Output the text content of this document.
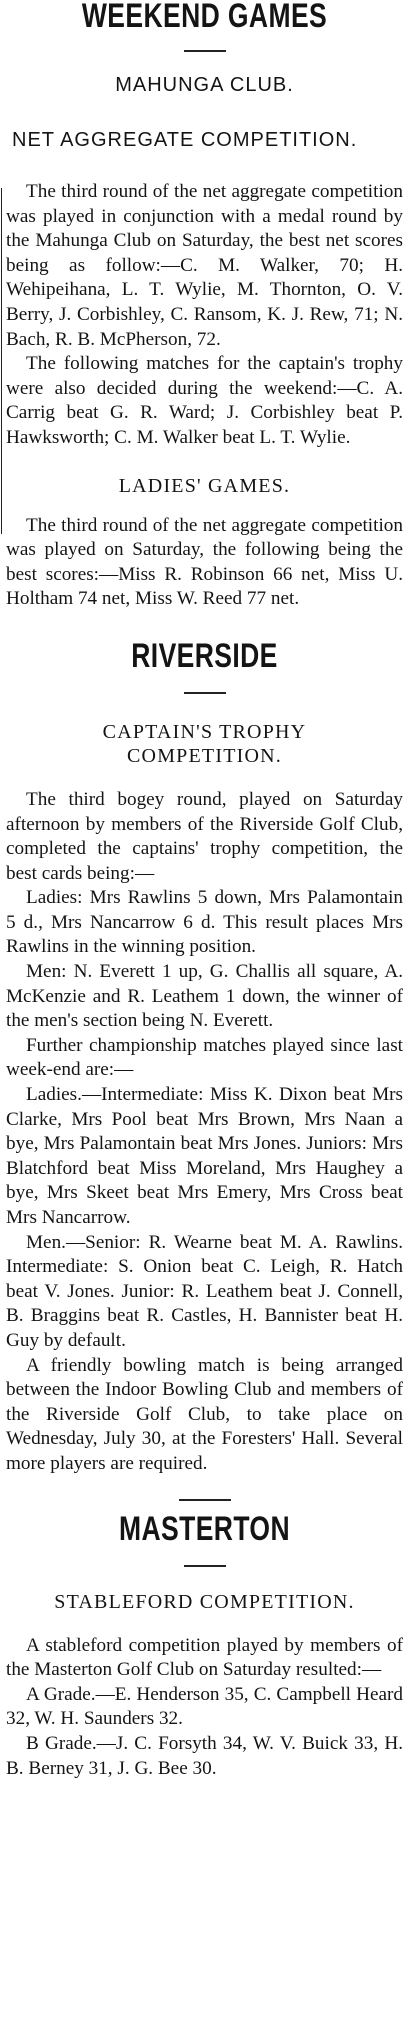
WEEKEND GAMES
MAHUNGA CLUB.
NET AGGREGATE COMPETITION.

The third round of the net aggregate competition was played in conjunction with a medal round by the Mahunga Club on Saturday, the best net scores being as follow:—C. M. Walker, 70; H. Wehipeihana, L. T. Wylie, M. Thornton, O. V. Berry, J. Corbishley, C. Ransom, K. J. Rew, 71; N. Bach, R. B. McPherson, 72.

The following matches for the captain's trophy were also decided during the weekend:—C. A. Carrig beat G. R. Ward; J. Corbishley beat P. Hawksworth; C. M. Walker beat L. T. Wylie.

LADIES' GAMES.

The third round of the net aggregate competition was played on Saturday, the following being the best scores:—Miss R. Robinson 66 net, Miss U. Holtham 74 net, Miss W. Reed 77 net.

RIVERSIDE
CAPTAIN'S TROPHY COMPETITION.

The third bogey round, played on Saturday afternoon by members of the Riverside Golf Club, completed the captains' trophy competition, the best cards being:—

Ladies: Mrs Rawlins 5 down, Mrs Palamontain 5 d., Mrs Nancarrow 6 d. This result places Mrs Rawlins in the winning position.

Men: N. Everett 1 up, G. Challis all square, A. McKenzie and R. Leathem 1 down, the winner of the men's section being N. Everett.

Further championship matches played since last week-end are:—

Ladies.—Intermediate: Miss K. Dixon beat Mrs Clarke, Mrs Pool beat Mrs Brown, Mrs Naan a bye, Mrs Palamontain beat Mrs Jones. Juniors: Mrs Blatchford beat Miss Moreland, Mrs Haughey a bye, Mrs Skeet beat Mrs Emery, Mrs Cross beat Mrs Nancarrow.

Men.—Senior: R. Wearne beat M. A. Rawlins. Intermediate: S. Onion beat C. Leigh, R. Hatch beat V. Jones. Junior: R. Leathem beat J. Connell, B. Braggins beat R. Castles, H. Bannister beat H. Guy by default.

A friendly bowling match is being arranged between the Indoor Bowling Club and members of the Riverside Golf Club, to take place on Wednesday, July 30, at the Foresters' Hall. Several more players are required.

MASTERTON
STABLEFORD COMPETITION.

A stableford competition played by members of the Masterton Golf Club on Saturday resulted:—

A Grade.—E. Henderson 35, C. Campbell Heard 32, W. H. Saunders 32.

B Grade.—J. C. Forsyth 34, W. V. Buick 33, H. B. Berney 31, J. G. Bee 30.
